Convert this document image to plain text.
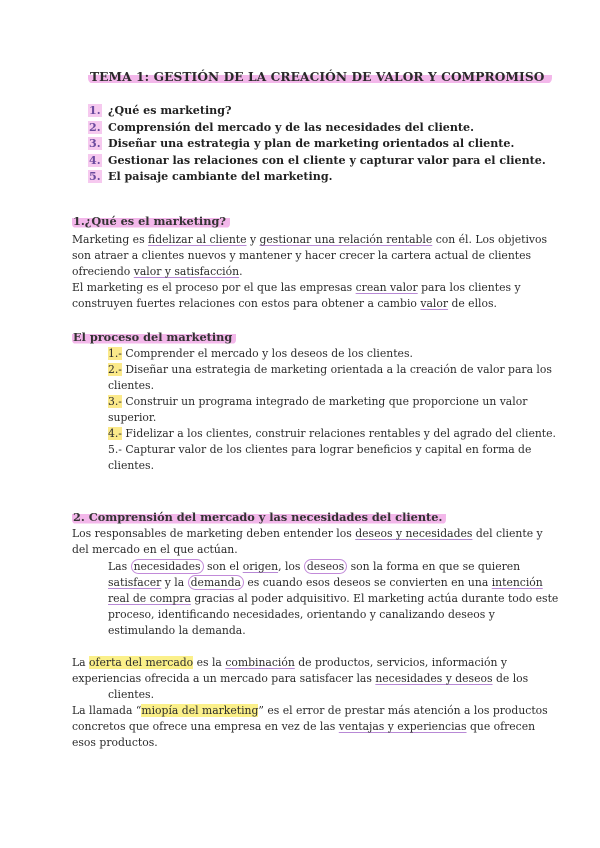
TEMA 1: GESTIÓN DE LA CREACIÓN DE VALOR Y COMPROMISO
1. ¿Qué es marketing?
2. Comprensión del mercado y de las necesidades del cliente.
3. Diseñar una estrategia y plan de marketing orientados al cliente.
4. Gestionar las relaciones con el cliente y capturar valor para el cliente.
5. El paisaje cambiante del marketing.
1.¿Qué es el marketing?
Marketing es fidelizar al cliente y gestionar una relación rentable con él. Los objetivos
son atraer a clientes nuevos y mantener y hacer crecer la cartera actual de clientes
ofreciendo valor y satisfacción.
El marketing es el proceso por el que las empresas crean valor para los clientes y
construyen fuertes relaciones con estos para obtener a cambio valor de ellos.
El proceso del marketing
1.- Comprender el mercado y los deseos de los clientes.
2.- Diseñar una estrategia de marketing orientada a la creación de valor para los
clientes.
3.- Construir un programa integrado de marketing que proporcione un valor
superior.
4.- Fidelizar a los clientes, construir relaciones rentables y del agrado del cliente.
5.- Capturar valor de los clientes para lograr beneficios y capital en forma de
clientes.
2. Comprensión del mercado y las necesidades del cliente.
Los responsables de marketing deben entender los deseos y necesidades del cliente y
del mercado en el que actúan.
Las necesidades son el origen, los deseos son la forma en que se quieren
satisfacer y la demanda es cuando esos deseos se convierten en una intención
real de compra gracias al poder adquisitivo. El marketing actúa durante todo este
proceso, identificando necesidades, orientando y canalizando deseos y
estimulando la demanda.
La oferta del mercado es la combinación de productos, servicios, información y
experiencias ofrecida a un mercado para satisfacer las necesidades y deseos de los
clientes.
La llamada “miopía del marketing” es el error de prestar más atención a los productos
concretos que ofrece una empresa en vez de las ventajas y experiencias que ofrecen
esos productos.
